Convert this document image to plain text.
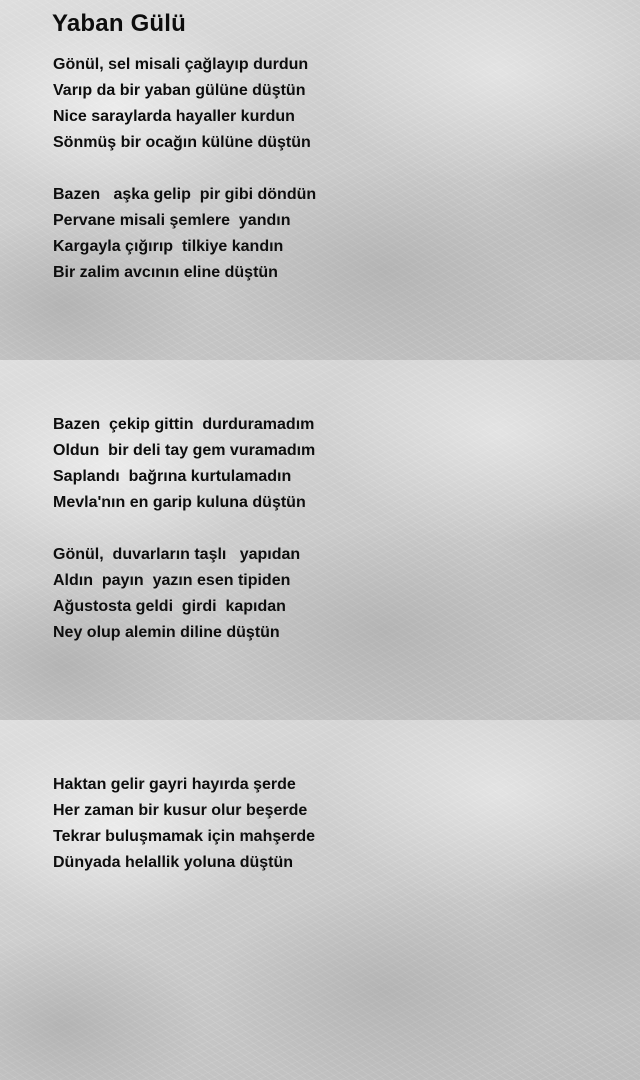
Yaban Gülü
Gönül, sel misali çağlayıp durdun
Varıp da bir yaban gülüne düştün
Nice saraylarda hayaller kurdun
Sönmüş bir ocağın külüne düştün
Bazen   aşka gelip  pir gibi döndün
Pervane misali şemlere  yandın
Kargayla çığırıp  tilkiye kandın
Bir zalim avcının eline düştün
Bazen  çekip gittin  durduramadım
Oldun  bir deli tay gem vuramadım
Saplandı  bağrına kurtulamadın
Mevla'nın en garip kuluna düştün
Gönül,  duvarların taşlı   yapıdan
Aldın  payın  yazın esen tipiden
Ağustosta geldi  girdi  kapıdan
Ney olup alemin diline düştün
Haktan gelir gayri hayırda şerde
Her zaman bir kusur olur beşerde
Tekrar buluşmamak için mahşerde
Dünyada helallik yoluna düştün
